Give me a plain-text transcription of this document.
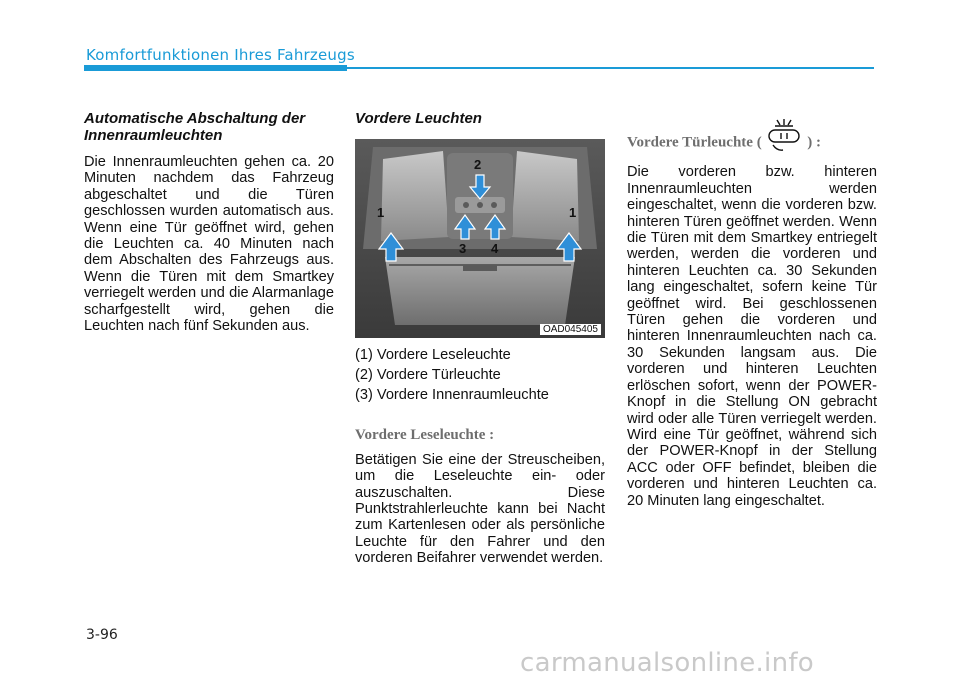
Komfortfunktionen Ihres Fahrzeugs

Automatische Abschaltung der Innenraumleuchten

Die Innenraumleuchten gehen ca. 20 Minuten nachdem das Fahrzeug abgeschaltet und die Türen geschlossen wurden automatisch aus. Wenn eine Tür geöffnet wird, gehen die Leuchten ca. 40 Minuten nach dem Abschalten des Fahrzeugs aus. Wenn die Türen mit dem Smartkey verriegelt werden und die Alarmanlage scharfgestellt wird, gehen die Leuchten nach fünf Sekunden aus.

Vordere Leuchten

1
2
3 4
1
OAD045405
(1) Vordere Leseleuchte
(2) Vordere Türleuchte
(3) Vordere Innenraumleuchte

Vordere Leseleuchte :

Betätigen Sie eine der Streuscheiben, um die Leseleuchte ein- oder auszuschalten. Diese Punktstrahlerleuchte kann bei Nacht zum Kartenlesen oder als persönliche Leuchte für den Fahrer und den vorderen Beifahrer verwendet werden.

Vordere Türleuchte (	) :

Die vorderen bzw. hinteren Innenraumleuchten werden eingeschaltet, wenn die vorderen bzw. hinteren Türen geöffnet werden. Wenn die Türen mit dem Smartkey entriegelt werden, werden die vorderen und hinteren Leuchten ca. 30 Sekunden lang eingeschaltet, sofern keine Tür geöffnet wird. Bei geschlossenen Türen gehen die vorderen und hinteren Innenraumleuchten nach ca. 30 Sekunden langsam aus. Die vorderen und hinteren Leuchten erlöschen sofort, wenn der POWER-Knopf in die Stellung ON gebracht wird oder alle Türen verriegelt werden. Wird eine Tür geöffnet, während sich der POWER-Knopf in der Stellung ACC oder OFF befindet, bleiben die vorderen und hinteren Leuchten ca. 20 Minuten lang eingeschaltet.

3-96
carmanualsonline.info
